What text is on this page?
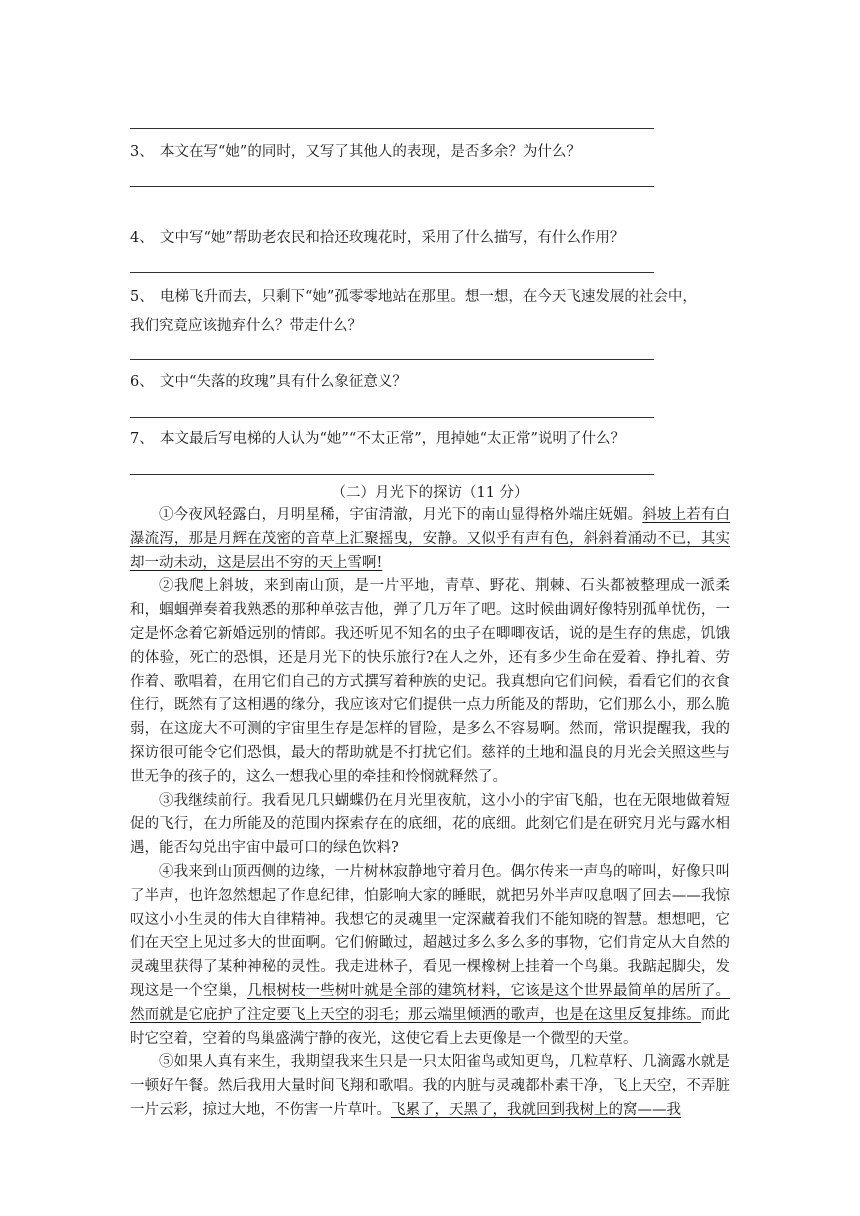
3、 本文在写“她”的同时，又写了其他人的表现，是否多余？为什么？
4、 文中写“她”帮助老农民和拾还玫瑰花时，采用了什么描写，有什么作用？
5、 电梯飞升而去，只剩下“她”孤零零地站在那里。想一想，在今天飞速发展的社会中，
我们究竟应该抛弃什么？带走什么？
6、 文中“失落的玫瑰”具有什么象征意义？
7、 本文最后写电梯的人认为“她”“不太正常”，甩掉她“太正常”说明了什么？
（二）月光下的探访（11 分）

①今夜风轻露白，月明星稀，宇宙清澈，月光下的南山显得格外端庄妩媚。斜坡上若有白瀑流泻，那是月辉在茂密的音草上汇聚摇曳，安静。又似乎有声有色，斜斜着涌动不已，其实却一动未动，这是层出不穷的天上雪啊!

②我爬上斜坡，来到南山顶，是一片平地，青草、野花、荆棘、石头都被整理成一派柔和，蝈蝈弹奏着我熟悉的那种单弦吉他，弹了几万年了吧。这时候曲调好像特别孤单忧伤，一定是怀念着它新婚远别的情郎。我还听见不知名的虫子在唧唧夜话，说的是生存的焦虑，饥饿的体验，死亡的恐惧，还是月光下的快乐旅行?在人之外，还有多少生命在爱着、挣扎着、劳作着、歌唱着，在用它们自己的方式撰写着种族的史记。我真想向它们问候，看看它们的衣食住行，既然有了这相遇的缘分，我应该对它们提供一点力所能及的帮助，它们那么小，那么脆弱，在这庞大不可测的宇宙里生存是怎样的冒险，是多么不容易啊。然而，常识提醒我，我的探访很可能令它们恐惧，最大的帮助就是不打扰它们。慈祥的土地和温良的月光会关照这些与世无争的孩子的，这么一想我心里的牵挂和怜悯就释然了。

③我继续前行。我看见几只蝴蝶仍在月光里夜航，这小小的宇宙飞船，也在无限地做着短促的飞行，在力所能及的范围内探索存在的底细，花的底细。此刻它们是在研究月光与露水相遇，能否勾兑出宇宙中最可口的绿色饮料?

④我来到山顶西侧的边缘，一片树林寂静地守着月色。偶尔传来一声鸟的啼叫，好像只叫了半声，也许忽然想起了作息纪律，怕影响大家的睡眠，就把另外半声叹息咽了回去——我惊叹这小小生灵的伟大自律精神。我想它的灵魂里一定深藏着我们不能知晓的智慧。想想吧，它们在天空上见过多大的世面啊。它们俯瞰过，超越过多么多么多的事物，它们肯定从大自然的灵魂里获得了某种神秘的灵性。我走进林子，看见一棵橡树上挂着一个鸟巢。我踮起脚尖，发现这是一个空巢，几根树枝一些树叶就是全部的建筑材料，它该是这个世界最简单的居所了。然而就是它庇护了注定要飞上天空的羽毛；那云端里倾洒的歌声，也是在这里反复排练。而此时它空着，空着的鸟巢盛满宁静的夜光，这使它看上去更像是一个微型的天堂。

⑤如果人真有来生，我期望我来生只是一只太阳雀鸟或知更鸟，几粒草籽、几滴露水就是一顿好午餐。然后我用大量时间飞翔和歌唱。我的内脏与灵魂都朴素干净，飞上天空，不弄脏一片云彩，掠过大地，不伤害一片草叶。飞累了，天黑了，我就回到我树上的窝——我
